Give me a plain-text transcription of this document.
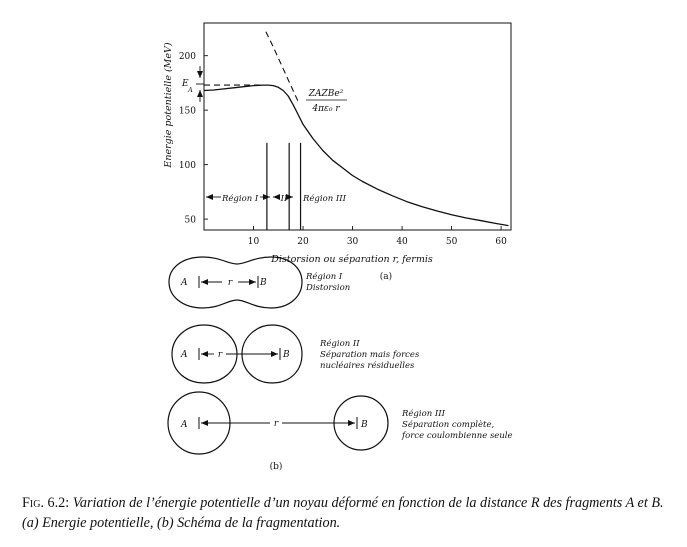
50
100
150
200
10	20	30	40	50	60
Energie potentielle (MeV)
Distorsion ou séparation r, fermis
(a)
E
A	ZAZBe²
4πε₀ r
Région I	II Région III
A	r	B
Région I
Distorsion
A	r	B
Région II
Séparation mais forces
nucléaires résiduelles
A	r	B
Région III
Séparation complète,
force coulombienne seule
(b)
Fig. 6.2: Variation de l’énergie potentielle d’un noyau déformé en fonction de la distance R des fragments A et B. (a) Energie potentielle, (b) Schéma de la fragmentation.
